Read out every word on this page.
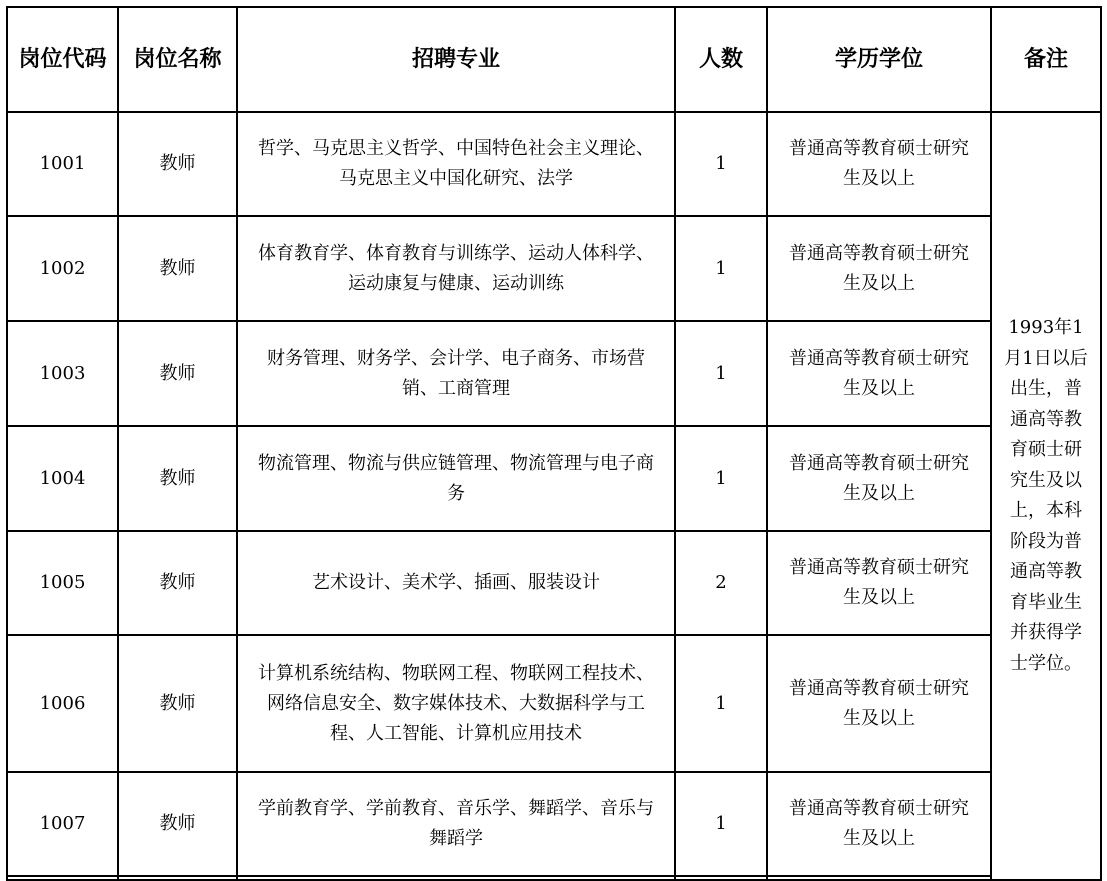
岗位代码	岗位名称	招聘专业	人数	学历学位	备注
1001	教师	哲学、马克思主义哲学、中国特色社会主义理论、马克思主义中国化研究、法学	1	普通高等教育硕士研究生及以上	1993年1月1日以后出生，普通高等教育硕士研究生及以上，本科阶段为普通高等教育毕业生并获得学士学位。
1002	教师	体育教育学、体育教育与训练学、运动人体科学、运动康复与健康、运动训练	1	普通高等教育硕士研究生及以上	
1003	教师	财务管理、财务学、会计学、电子商务、市场营销、工商管理	1	普通高等教育硕士研究生及以上	
1004	教师	物流管理、物流与供应链管理、物流管理与电子商务	1	普通高等教育硕士研究生及以上	
1005	教师	艺术设计、美术学、插画、服装设计	2	普通高等教育硕士研究生及以上	
1006	教师	计算机系统结构、物联网工程、物联网工程技术、网络信息安全、数字媒体技术、大数据科学与工程、人工智能、计算机应用技术	1	普通高等教育硕士研究生及以上	
1007	教师	学前教育学、学前教育、音乐学、舞蹈学、音乐与舞蹈学	1	普通高等教育硕士研究生及以上	
